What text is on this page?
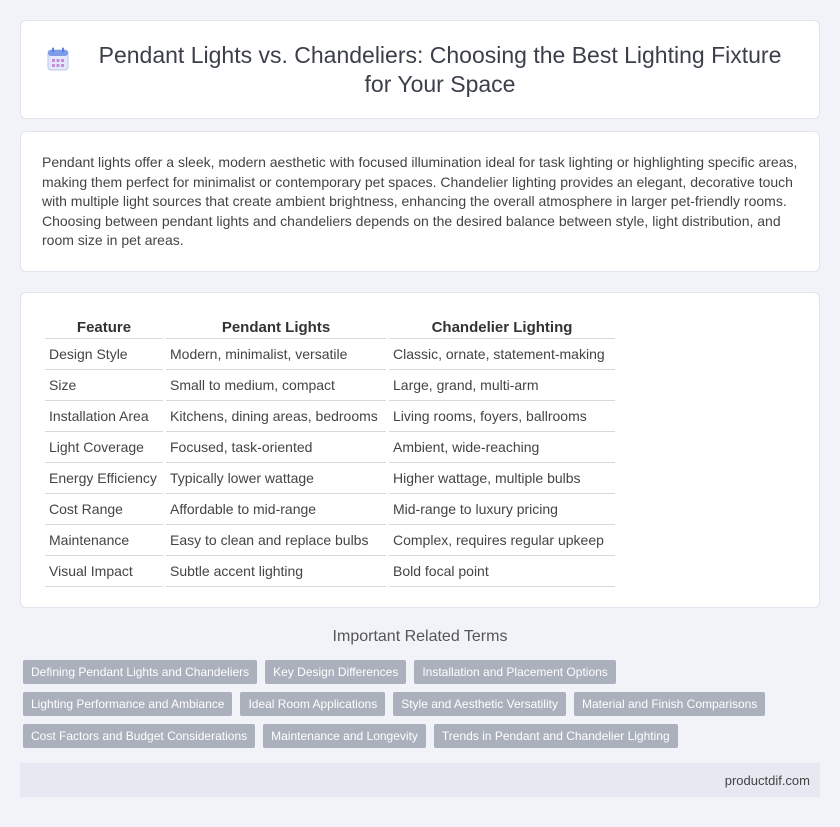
Pendant Lights vs. Chandeliers: Choosing the Best Lighting Fixture
for Your Space

Pendant lights offer a sleek, modern aesthetic with focused illumination ideal for task lighting or highlighting specific areas, making them perfect for minimalist or contemporary pet spaces. Chandelier lighting provides an elegant, decorative touch with multiple light sources that create ambient brightness, enhancing the overall atmosphere in larger pet-friendly rooms. Choosing between pendant lights and chandeliers depends on the desired balance between style, light distribution, and room size in pet areas.

Feature	Pendant Lights	Chandelier Lighting
Design Style	Modern, minimalist, versatile	Classic, ornate, statement-making
Size	Small to medium, compact	Large, grand, multi-arm
Installation Area	Kitchens, dining areas, bedrooms	Living rooms, foyers, ballrooms
Light Coverage	Focused, task-oriented	Ambient, wide-reaching
Energy Efficiency	Typically lower wattage	Higher wattage, multiple bulbs
Cost Range	Affordable to mid-range	Mid-range to luxury pricing
Maintenance	Easy to clean and replace bulbs	Complex, requires regular upkeep
Visual Impact	Subtle accent lighting	Bold focal point
Important Related Terms
Defining Pendant Lights and Chandeliers	Key Design Differences	Installation and Placement Options
Lighting Performance and Ambiance	Ideal Room Applications	Style and Aesthetic Versatility	Material and Finish Comparisons
Cost Factors and Budget Considerations	Maintenance and Longevity	Trends in Pendant and Chandelier Lighting
productdif.com
